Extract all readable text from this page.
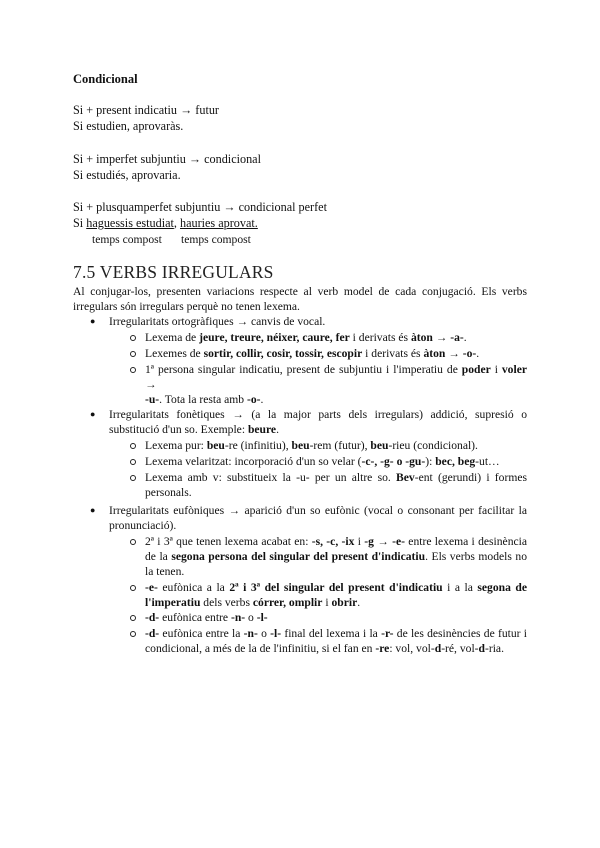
Condicional
Si + present indicatiu → futur
Si estudien, aprovaràs.
Si + imperfet subjuntiu → condicional
Si estudiés, aprovaria.
Si + plusquamperfet subjuntiu → condicional perfet
Si haguessis estudiat, hauries aprovat.
temps compost temps compost
7.5 VERBS IRREGULARS
Al conjugar-los, presenten variacions respecte al verb model de cada conjugació. Els verbs irregulars són irregulars perquè no tenen lexema.
● Irregularitats ortogràfiques → canvis de vocal.
Lexema de jeure, treure, néixer, caure, fer i derivats és àton → -a-.
Lexemes de sortir, collir, cosir, tossir, escopir i derivats és àton → -o-.
1ª persona singular indicatiu, present de subjuntiu i l'imperatiu de poder i voler →
-u-. Tota la resta amb -o-.
● Irregularitats fonètiques → (a la major parts dels irregulars) addició, supresió o substitució d'un so. Exemple: beure.
Lexema pur: beu-re (infinitiu), beu-rem (futur), beu-rieu (condicional).
Lexema velaritzat: incorporació d'un so velar (-c-, -g- o -gu-): bec, beg-ut…
Lexema amb v: substitueix la -u- per un altre so. Bev-ent (gerundi) i formes personals.
● Irregularitats eufòniques → aparició d'un so eufònic (vocal o consonant per facilitar la pronunciació).
2ª i 3ª que tenen lexema acabat en: -s, -c, -ix i -g → -e- entre lexema i desinència de la segona persona del singular del present d'indicatiu. Els verbs models no la tenen.
-e- eufònica a la 2ª i 3ª del singular del present d'indicatiu i a la segona de l'imperatiu dels verbs córrer, omplir i obrir.
-d- eufònica entre -n- o -l-
-d- eufònica entre la -n- o -l- final del lexema i la -r- de les desinències de futur i condicional, a més de la de l'infinitiu, si el fan en -re: vol, vol-d-ré, vol-d-ria.
